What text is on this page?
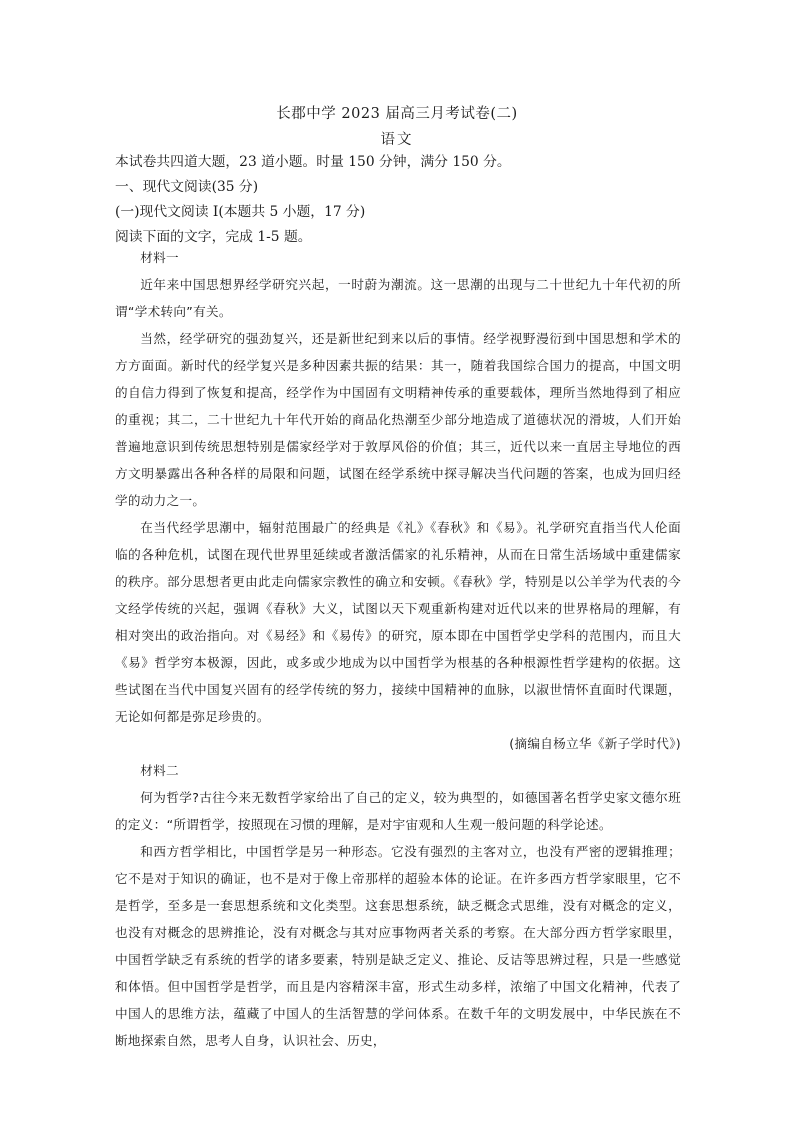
长郡中学 2023 届高三月考试卷(二)
语文
本试卷共四道大题，23 道小题。时量 150 分钟，满分 150 分。
一、现代文阅读(35 分)
(一)现代文阅读 I(本题共 5 小题，17 分)
阅读下面的文字，完成 1-5 题。

材料一

近年来中国思想界经学研究兴起，一时蔚为潮流。这一思潮的出现与二十世纪九十年代初的所谓“学术转向”有关。

当然，经学研究的强劲复兴，还是新世纪到来以后的事情。经学视野漫衍到中国思想和学术的方方面面。新时代的经学复兴是多种因素共振的结果：其一，随着我国综合国力的提高，中国文明的自信力得到了恢复和提高，经学作为中国固有文明精神传承的重要载体，理所当然地得到了相应的重视；其二，二十世纪九十年代开始的商品化热潮至少部分地造成了道德状况的滑坡，人们开始普遍地意识到传统思想特别是儒家经学对于敦厚风俗的价值；其三，近代以来一直居主导地位的西方文明暴露出各种各样的局限和问题，试图在经学系统中探寻解决当代问题的答案，也成为回归经学的动力之一。

在当代经学思潮中，辐射范围最广的经典是《礼》《春秋》和《易》。礼学研究直指当代人伦面临的各种危机，试图在现代世界里延续或者激活儒家的礼乐精神，从而在日常生活场域中重建儒家的秩序。部分思想者更由此走向儒家宗教性的确立和安顿。《春秋》学，特别是以公羊学为代表的今文经学传统的兴起，强调《春秋》大义，试图以天下观重新构建对近代以来的世界格局的理解，有相对突出的政治指向。对《易经》和《易传》的研究，原本即在中国哲学史学科的范围内，而且大《易》哲学穷本极源，因此，或多或少地成为以中国哲学为根基的各种根源性哲学建构的依据。这些试图在当代中国复兴固有的经学传统的努力，接续中国精神的血脉，以淑世情怀直面时代课题，无论如何都是弥足珍贵的。

(摘编自杨立华《新子学时代》)

材料二

何为哲学?古往今来无数哲学家给出了自己的定义，较为典型的，如德国著名哲学史家文德尔班的定义：“所谓哲学，按照现在习惯的理解，是对宇宙观和人生观一般问题的科学论述。

和西方哲学相比，中国哲学是另一种形态。它没有强烈的主客对立，也没有严密的逻辑推理；它不是对于知识的确证，也不是对于像上帝那样的超验本体的论证。在许多西方哲学家眼里，它不是哲学，至多是一套思想系统和文化类型。这套思想系统，缺乏概念式思维，没有对概念的定义，也没有对概念的思辨推论，没有对概念与其对应事物两者关系的考察。在大部分西方哲学家眼里，中国哲学缺乏有系统的哲学的诸多要素，特别是缺乏定义、推论、反诘等思辨过程，只是一些感觉和体悟。但中国哲学是哲学，而且是内容精深丰富，形式生动多样，浓缩了中国文化精神，代表了中国人的思维方法，蕴藏了中国人的生活智慧的学问体系。在数千年的文明发展中，中华民族在不断地探索自然，思考人自身，认识社会、历史，
